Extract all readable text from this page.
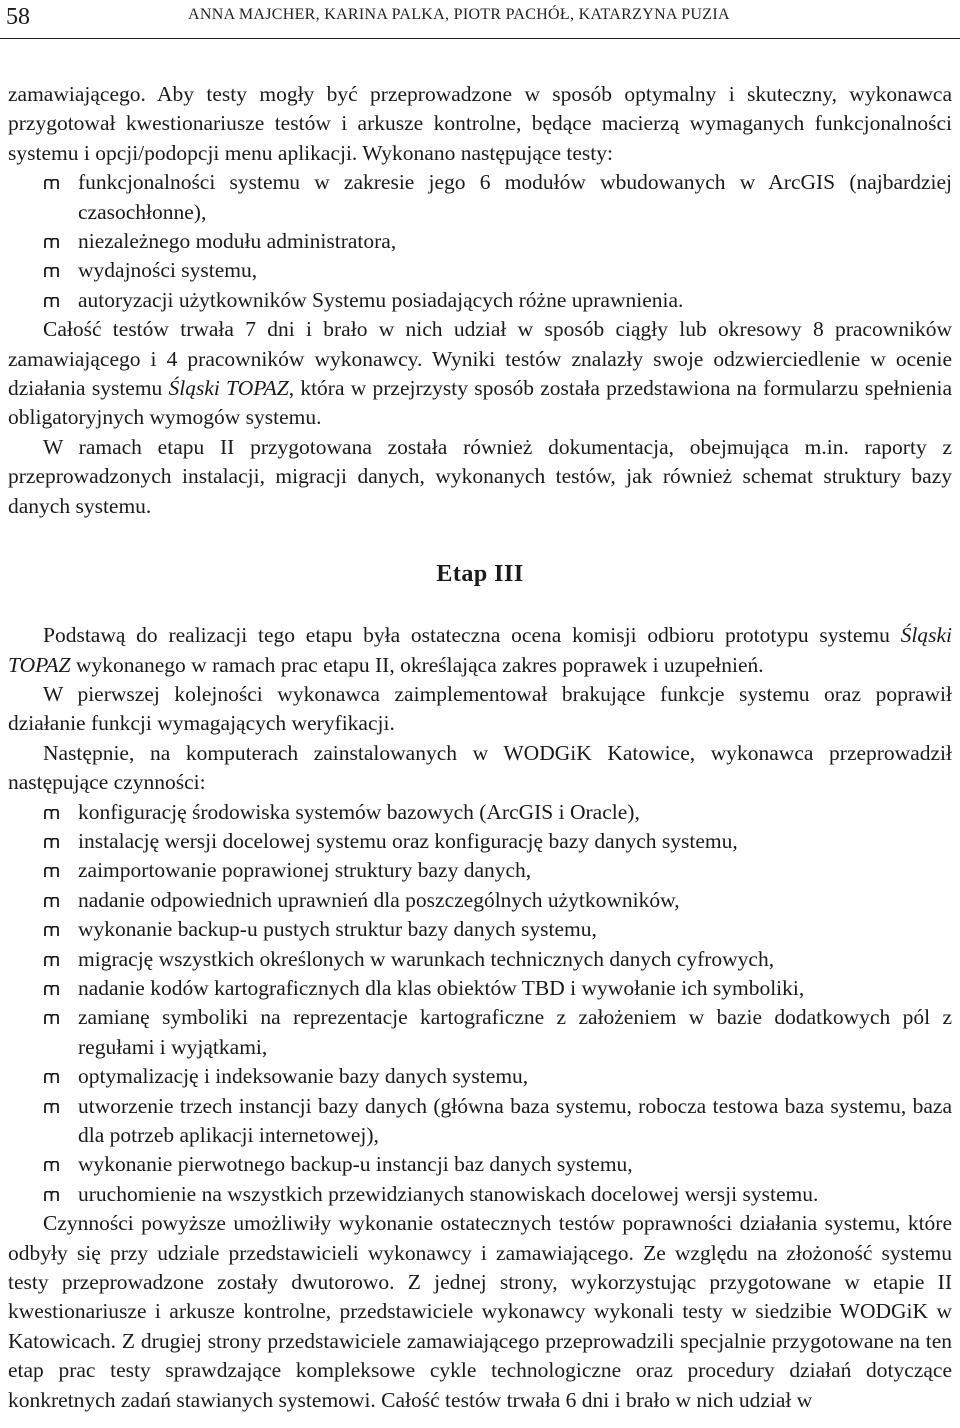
58	ANNA MAJCHER, KARINA PALKA, PIOTR PACHÓŁ, KATARZYNA PUZIA

zamawiającego. Aby testy mogły być przeprowadzone w sposób optymalny i skuteczny, wykonawca przygotował kwestionariusze testów i arkusze kontrolne, będące macierzą wymaganych funkcjonalności systemu i opcji/podopcji menu aplikacji. Wykonano następujące testy:

funkcjonalności systemu w zakresie jego 6 modułów wbudowanych w ArcGIS (najbardziej czasochłonne),
niezależnego modułu administratora,
wydajności systemu,
autoryzacji użytkowników Systemu posiadających różne uprawnienia.

Całość testów trwała 7 dni i brało w nich udział w sposób ciągły lub okresowy 8 pracowników zamawiającego i 4 pracowników wykonawcy. Wyniki testów znalazły swoje odzwierciedlenie w ocenie działania systemu Śląski TOPAZ, która w przejrzysty sposób została przedstawiona na formularzu spełnienia obligatoryjnych wymogów systemu.

W ramach etapu II przygotowana została również dokumentacja, obejmująca m.in. raporty z przeprowadzonych instalacji, migracji danych, wykonanych testów, jak również schemat struktury bazy danych systemu.

Etap III

Podstawą do realizacji tego etapu była ostateczna ocena komisji odbioru prototypu systemu Śląski TOPAZ wykonanego w ramach prac etapu II, określająca zakres poprawek i uzupełnień.

W pierwszej kolejności wykonawca zaimplementował brakujące funkcje systemu oraz poprawił działanie funkcji wymagających weryfikacji.

Następnie, na komputerach zainstalowanych w WODGiK Katowice, wykonawca przeprowadził następujące czynności:

konfigurację środowiska systemów bazowych (ArcGIS i Oracle),
instalację wersji docelowej systemu oraz konfigurację bazy danych systemu,
zaimportowanie poprawionej struktury bazy danych,
nadanie odpowiednich uprawnień dla poszczególnych użytkowników,
wykonanie backup-u pustych struktur bazy danych systemu,
migrację wszystkich określonych w warunkach technicznych danych cyfrowych,
nadanie kodów kartograficznych dla klas obiektów TBD i wywołanie ich symboliki,
zamianę symboliki na reprezentacje kartograficzne z założeniem w bazie dodatkowych pól z regułami i wyjątkami,
optymalizację i indeksowanie bazy danych systemu,
utworzenie trzech instancji bazy danych (główna baza systemu, robocza testowa baza systemu, baza dla potrzeb aplikacji internetowej),
wykonanie pierwotnego backup-u instancji baz danych systemu,
uruchomienie na wszystkich przewidzianych stanowiskach docelowej wersji systemu.

Czynności powyższe umożliwiły wykonanie ostatecznych testów poprawności działania systemu, które odbyły się przy udziale przedstawicieli wykonawcy i zamawiającego. Ze względu na złożoność systemu testy przeprowadzone zostały dwutorowo. Z jednej strony, wykorzystując przygotowane w etapie II kwestionariusze i arkusze kontrolne, przedstawiciele wykonawcy wykonali testy w siedzibie WODGiK w Katowicach. Z drugiej strony przedstawiciele zamawiającego przeprowadzili specjalnie przygotowane na ten etap prac testy sprawdzające kompleksowe cykle technologiczne oraz procedury działań dotyczące konkretnych zadań stawianych systemowi. Całość testów trwała 6 dni i brało w nich udział w
